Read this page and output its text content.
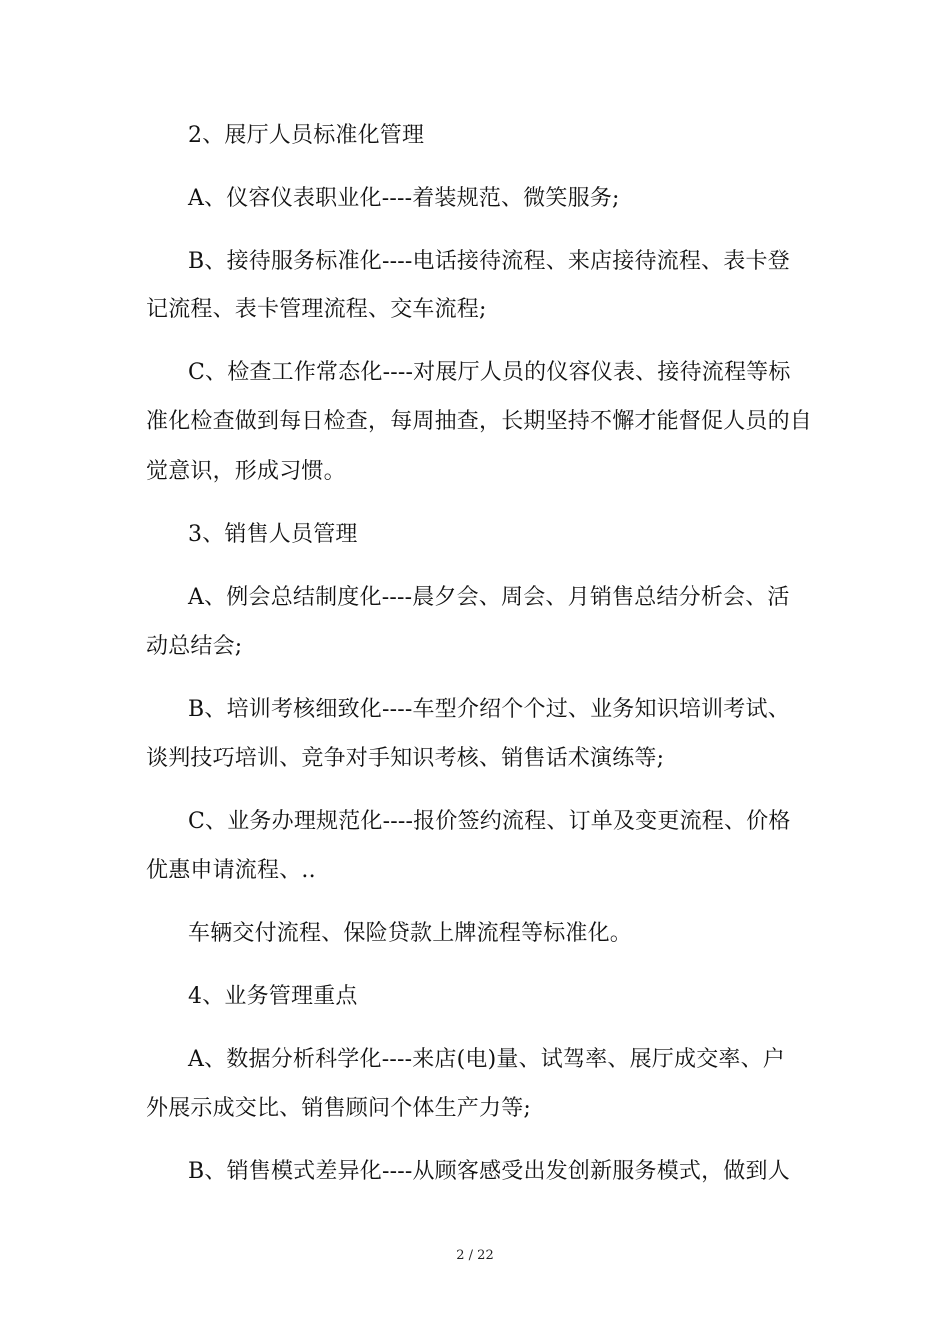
2、展厅人员标准化管理
A、仪容仪表职业化----着装规范、微笑服务;
B、接待服务标准化----电话接待流程、来店接待流程、表卡登
记流程、表卡管理流程、交车流程;
C、检查工作常态化----对展厅人员的仪容仪表、接待流程等标
准化检查做到每日检查，每周抽查，长期坚持不懈才能督促人员的自
觉意识，形成习惯。
3、销售人员管理
A、例会总结制度化----晨夕会、周会、月销售总结分析会、活
动总结会;
B、培训考核细致化----车型介绍个个过、业务知识培训考试、
谈判技巧培训、竞争对手知识考核、销售话术演练等;
C、业务办理规范化----报价签约流程、订单及变更流程、价格
优惠申请流程、..
车辆交付流程、保险贷款上牌流程等标准化。
4、业务管理重点
A、数据分析科学化----来店(电)量、试驾率、展厅成交率、户
外展示成交比、销售顾问个体生产力等;
B、销售模式差异化----从顾客感受出发创新服务模式，做到人
2 / 22
